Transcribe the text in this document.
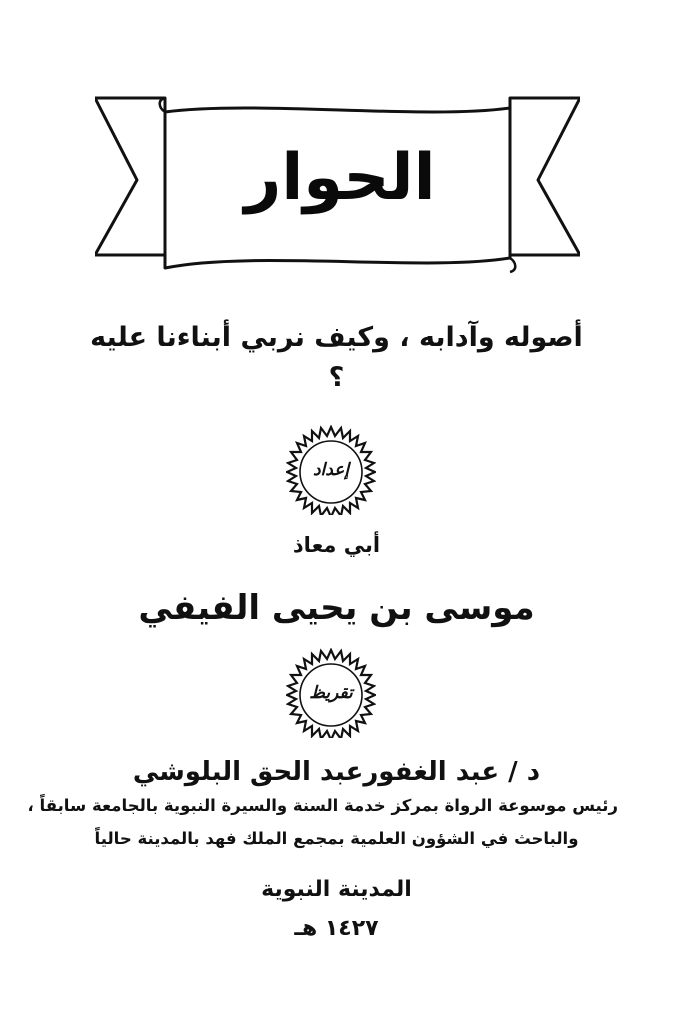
الحوار
أصوله وآدابه ، وكيف نربي أبناءنا عليه ؟
إعداد
أبي معاذ
موسى بن يحيى الفيفي
تقريظ
د / عبد الغفورعبد الحق البلوشي
رئيس موسوعة الرواة بمركز خدمة السنة والسيرة النبوية بالجامعة سابقاً ،
والباحث في الشؤون العلمية بمجمع الملك فهد بالمدينة حالياً
المدينة النبوية
١٤٢٧ هـ
